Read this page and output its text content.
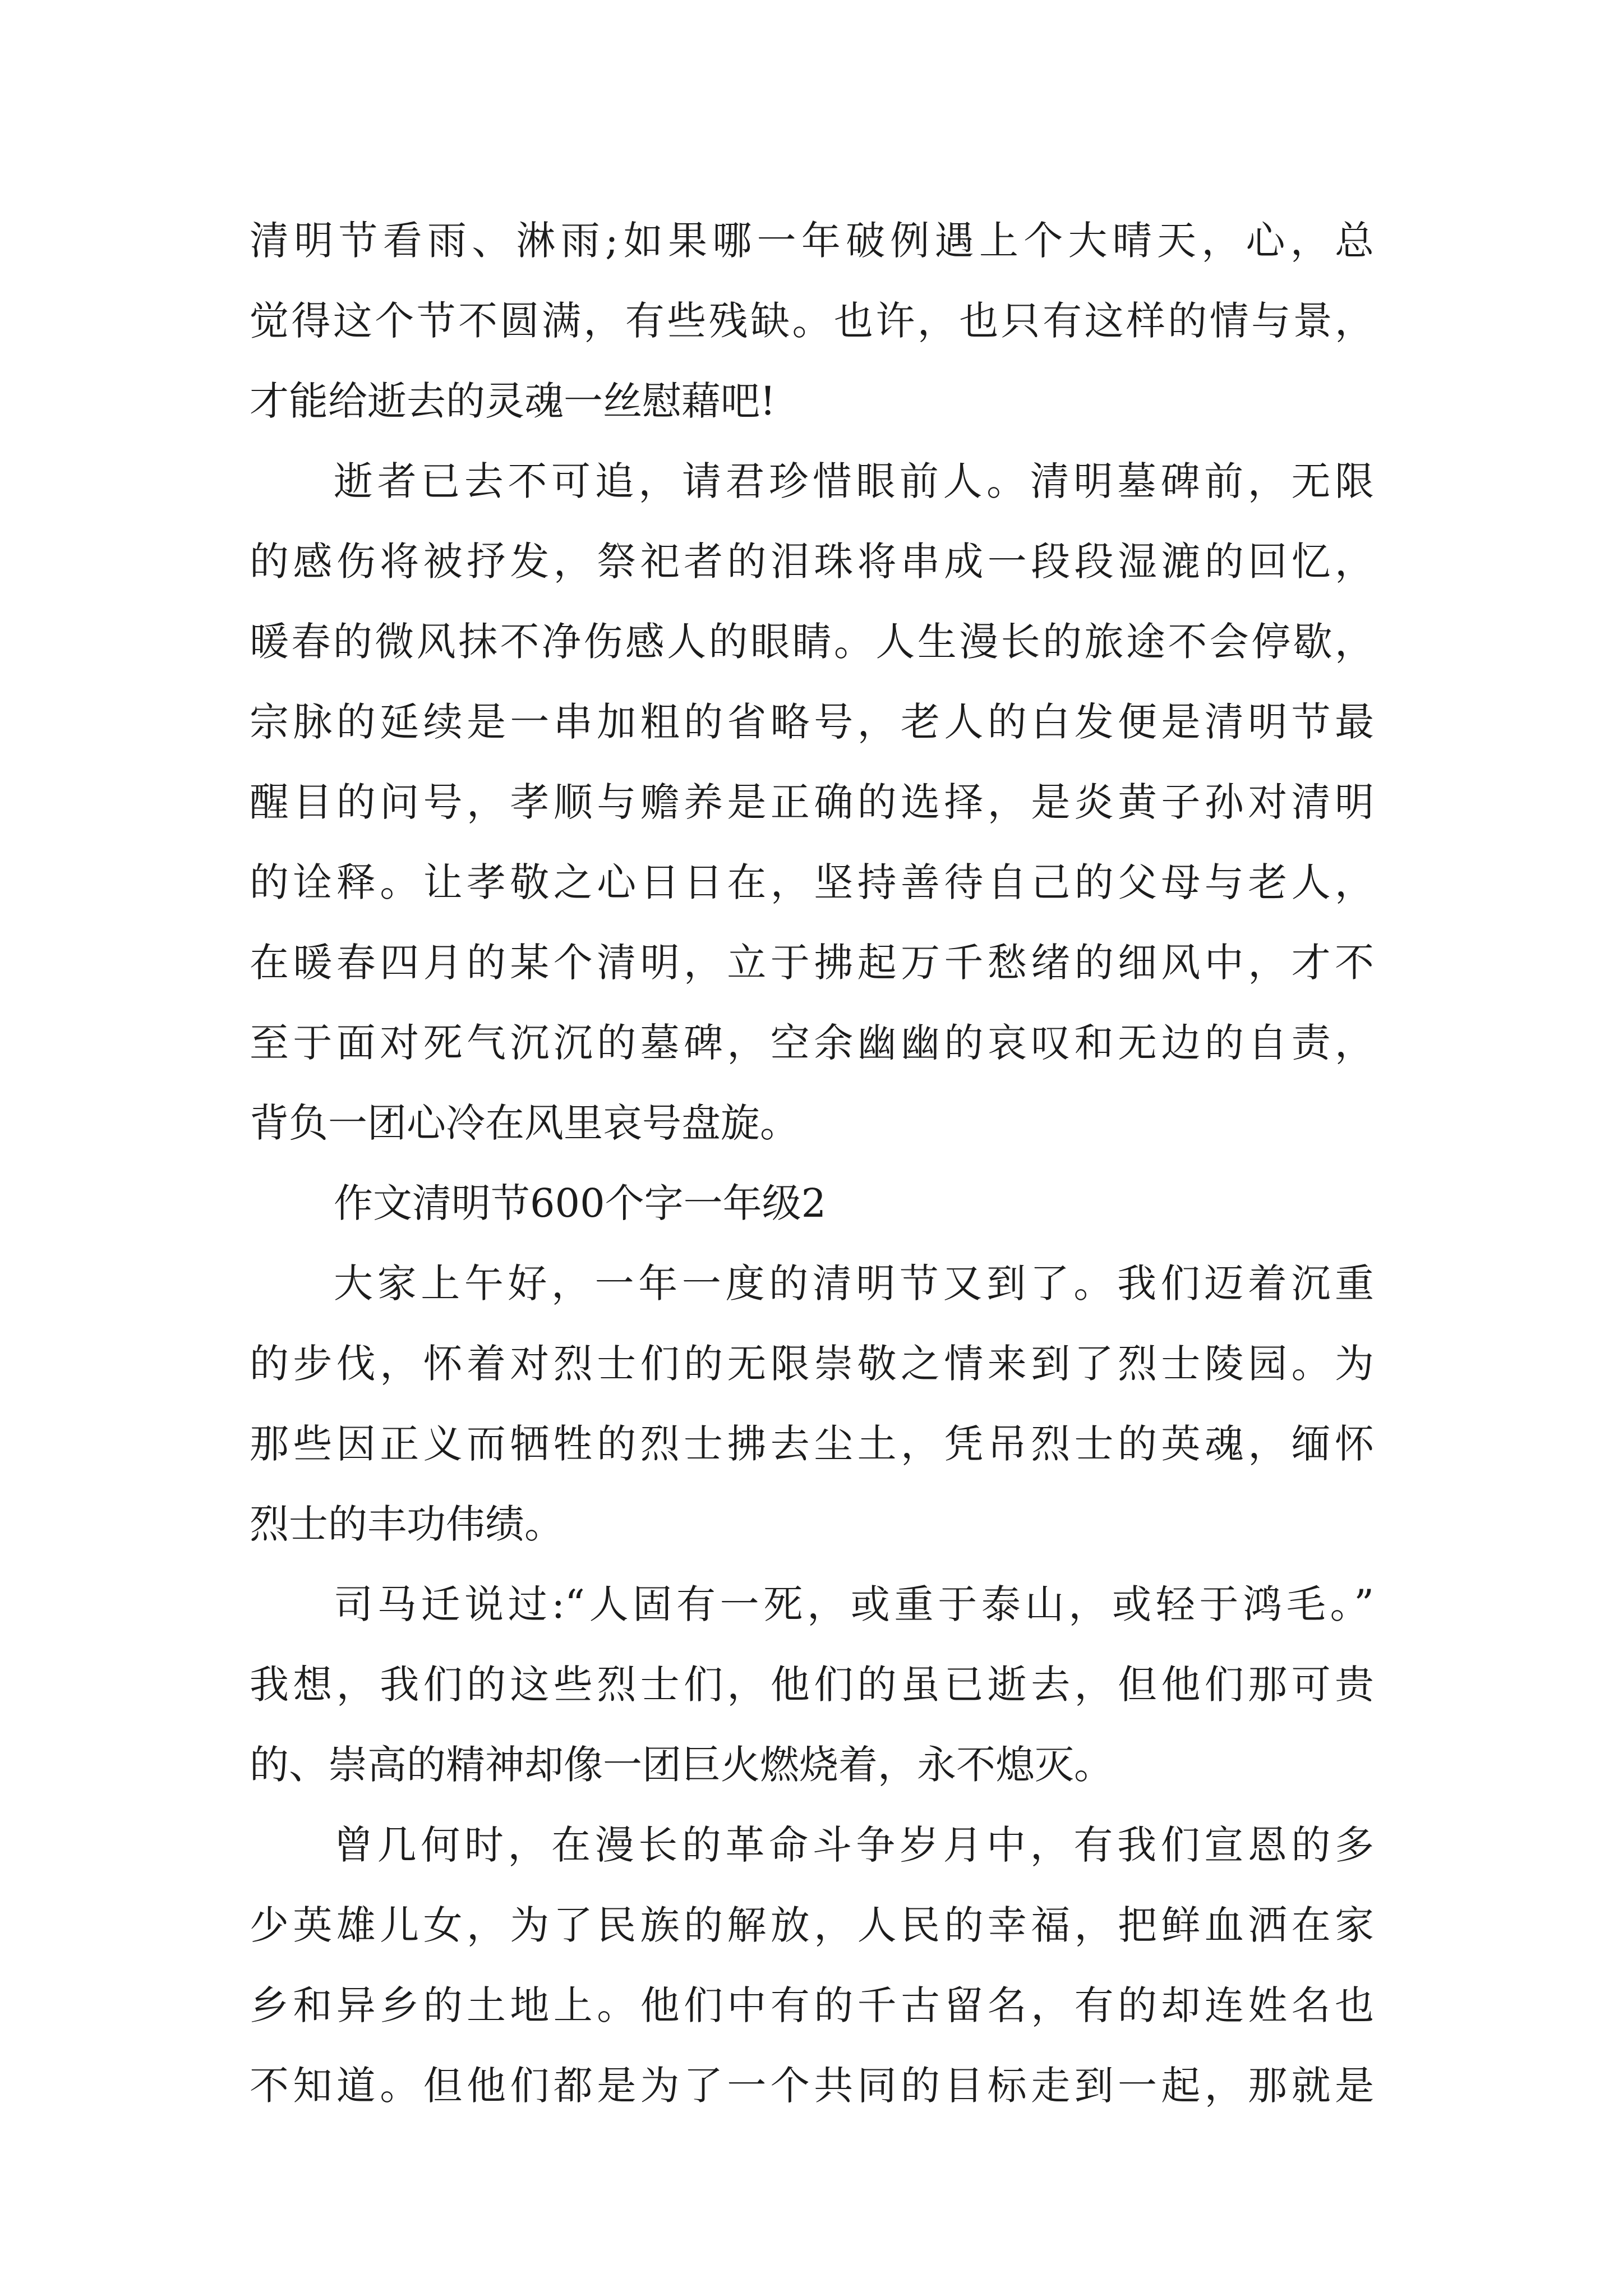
清明节看雨、淋雨;如果哪一年破例遇上个大晴天，心，总

觉得这个节不圆满，有些残缺。也许，也只有这样的情与景，

才能给逝去的灵魂一丝慰藉吧!

逝者已去不可追，请君珍惜眼前人。清明墓碑前，无限

的感伤将被抒发，祭祀者的泪珠将串成一段段湿漉的回忆，

暖春的微风抹不净伤感人的眼睛。人生漫长的旅途不会停歇，

宗脉的延续是一串加粗的省略号，老人的白发便是清明节最

醒目的问号，孝顺与赡养是正确的选择，是炎黄子孙对清明

的诠释。让孝敬之心日日在，坚持善待自己的父母与老人，

在暖春四月的某个清明，立于拂起万千愁绪的细风中，才不

至于面对死气沉沉的墓碑，空余幽幽的哀叹和无边的自责，

背负一团心冷在风里哀号盘旋。

作文清明节600个字一年级2

大家上午好，一年一度的清明节又到了。我们迈着沉重

的步伐，怀着对烈士们的无限崇敬之情来到了烈士陵园。为

那些因正义而牺牲的烈士拂去尘土，凭吊烈士的英魂，缅怀

烈士的丰功伟绩。

司马迁说过:“人固有一死，或重于泰山，或轻于鸿毛。”

我想，我们的这些烈士们，他们的虽已逝去，但他们那可贵

的、崇高的精神却像一团巨火燃烧着，永不熄灭。

曾几何时，在漫长的革命斗争岁月中，有我们宣恩的多

少英雄儿女，为了民族的解放，人民的幸福，把鲜血洒在家

乡和异乡的土地上。他们中有的千古留名，有的却连姓名也

不知道。但他们都是为了一个共同的目标走到一起，那就是
